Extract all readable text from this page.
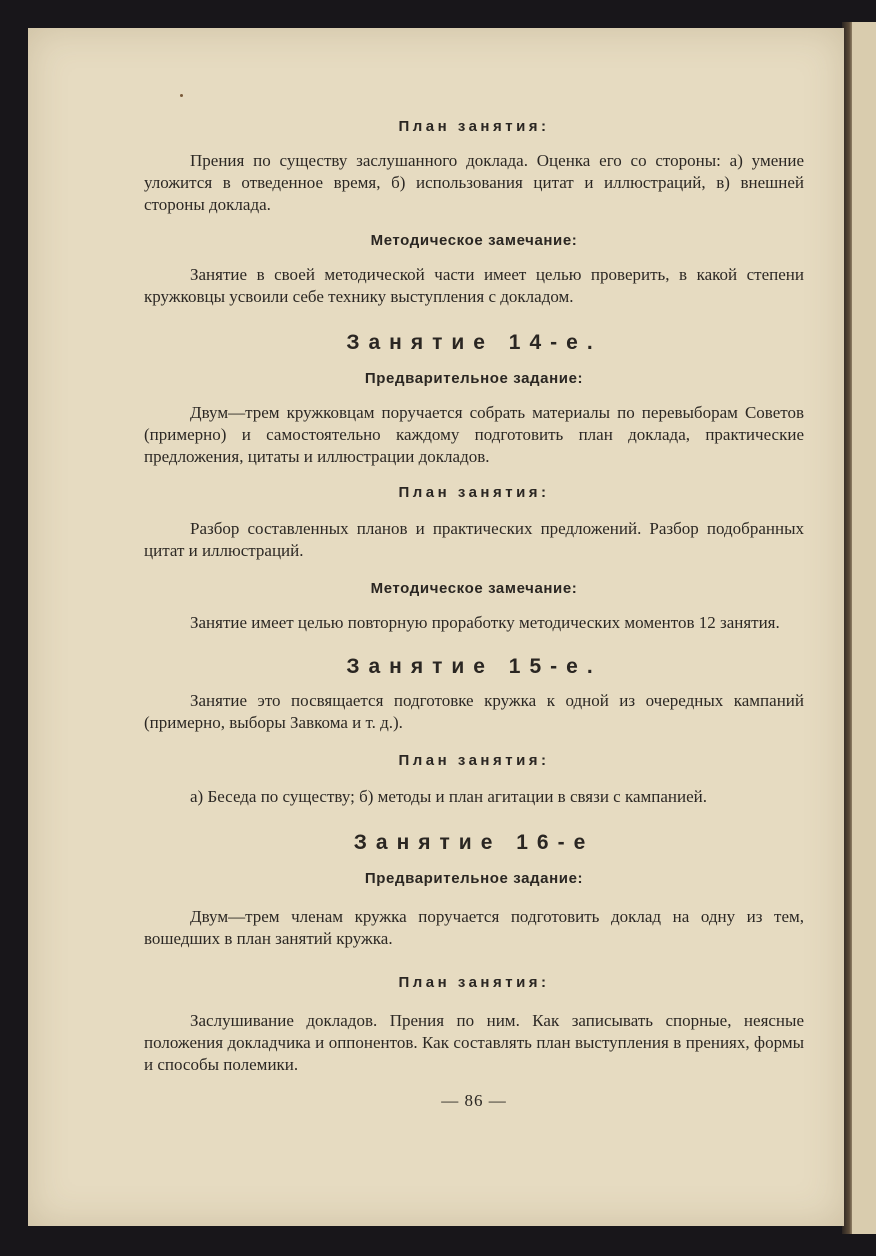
План занятия:

Прения по существу заслушанного доклада. Оценка его со стороны: а) умение уложится в отведенное время, б) использования цитат и иллюстраций, в) внешней стороны доклада.

Методическое замечание:

Занятие в своей методической части имеет целью проверить, в какой степени кружковцы усвоили себе технику выступления с докладом.

Занятие 14-е.
Предварительное задание:

Двум—трем кружковцам поручается собрать материалы по перевыборам Советов (примерно) и самостоятельно каждому подготовить план доклада, практические предложения, цитаты и иллюстрации докладов.

План занятия:

Разбор составленных планов и практических предложений. Разбор подобранных цитат и иллюстраций.

Методическое замечание:

Занятие имеет целью повторную проработку методических моментов 12 занятия.

Занятие 15-е.

Занятие это посвящается подготовке кружка к одной из очередных кампаний (примерно, выборы Завкома и т. д.).

План занятия:

а) Беседа по существу; б) методы и план агитации в связи с кампанией.

Занятие 16-е
Предварительное задание:

Двум—трем членам кружка поручается подготовить доклад на одну из тем, вошедших в план занятий кружка.

План занятия:

Заслушивание докладов. Прения по ним. Как записывать спорные, неясные положения докладчика и оппонентов. Как составлять план выступления в прениях, формы и способы полемики.

— 86 —
